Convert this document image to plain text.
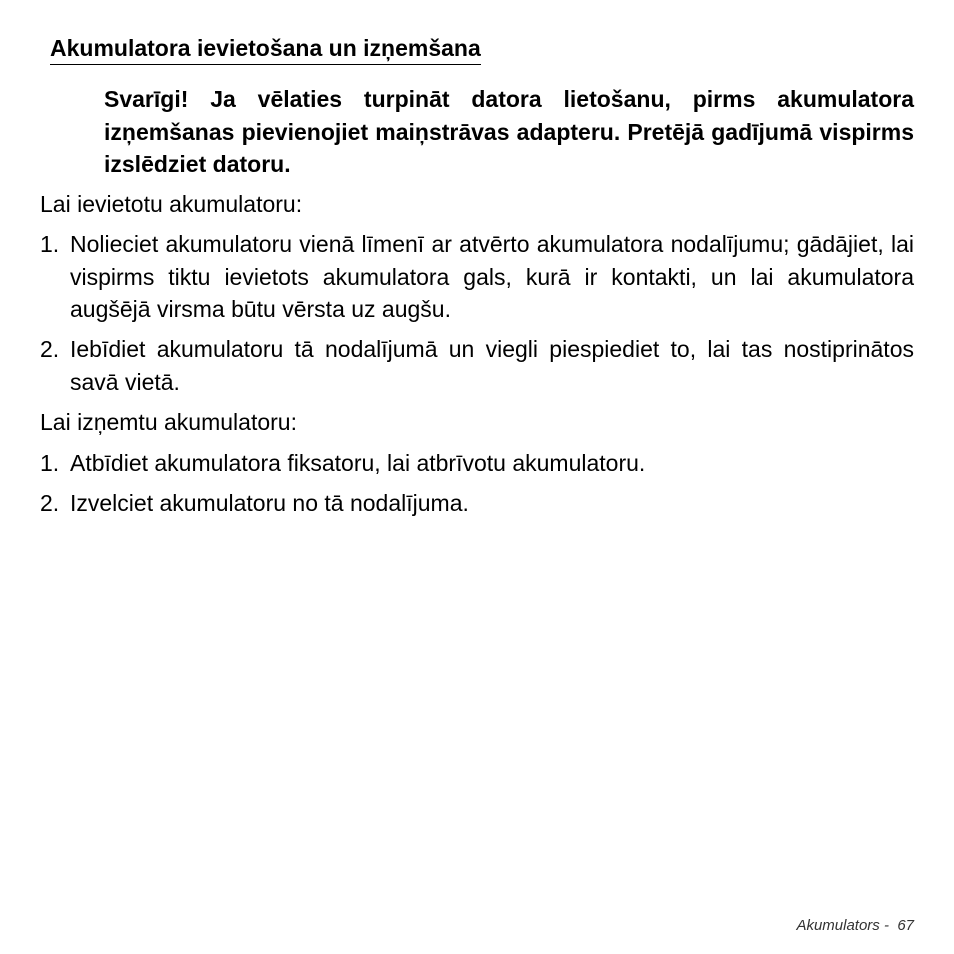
Akumulatora ievietošana un izņemšana
Svarīgi! Ja vēlaties turpināt datora lietošanu, pirms akumulatora izņemšanas pievienojiet maiņstrāvas adapteru. Pretējā gadījumā vispirms izslēdziet datoru.
Lai ievietotu akumulatoru:
1. Nolieciet akumulatoru vienā līmenī ar atvērto akumulatora nodalījumu; gādājiet, lai vispirms tiktu ievietots akumulatora gals, kurā ir kontakti, un lai akumulatora augšējā virsma būtu vērsta uz augšu.
2. Iebīdiet akumulatoru tā nodalījumā un viegli piespiediet to, lai tas nostiprinātos savā vietā.
Lai izņemtu akumulatoru:
1. Atbīdiet akumulatora fiksatoru, lai atbrīvotu akumulatoru.
2. Izvelciet akumulatoru no tā nodalījuma.
Akumulators - 67
